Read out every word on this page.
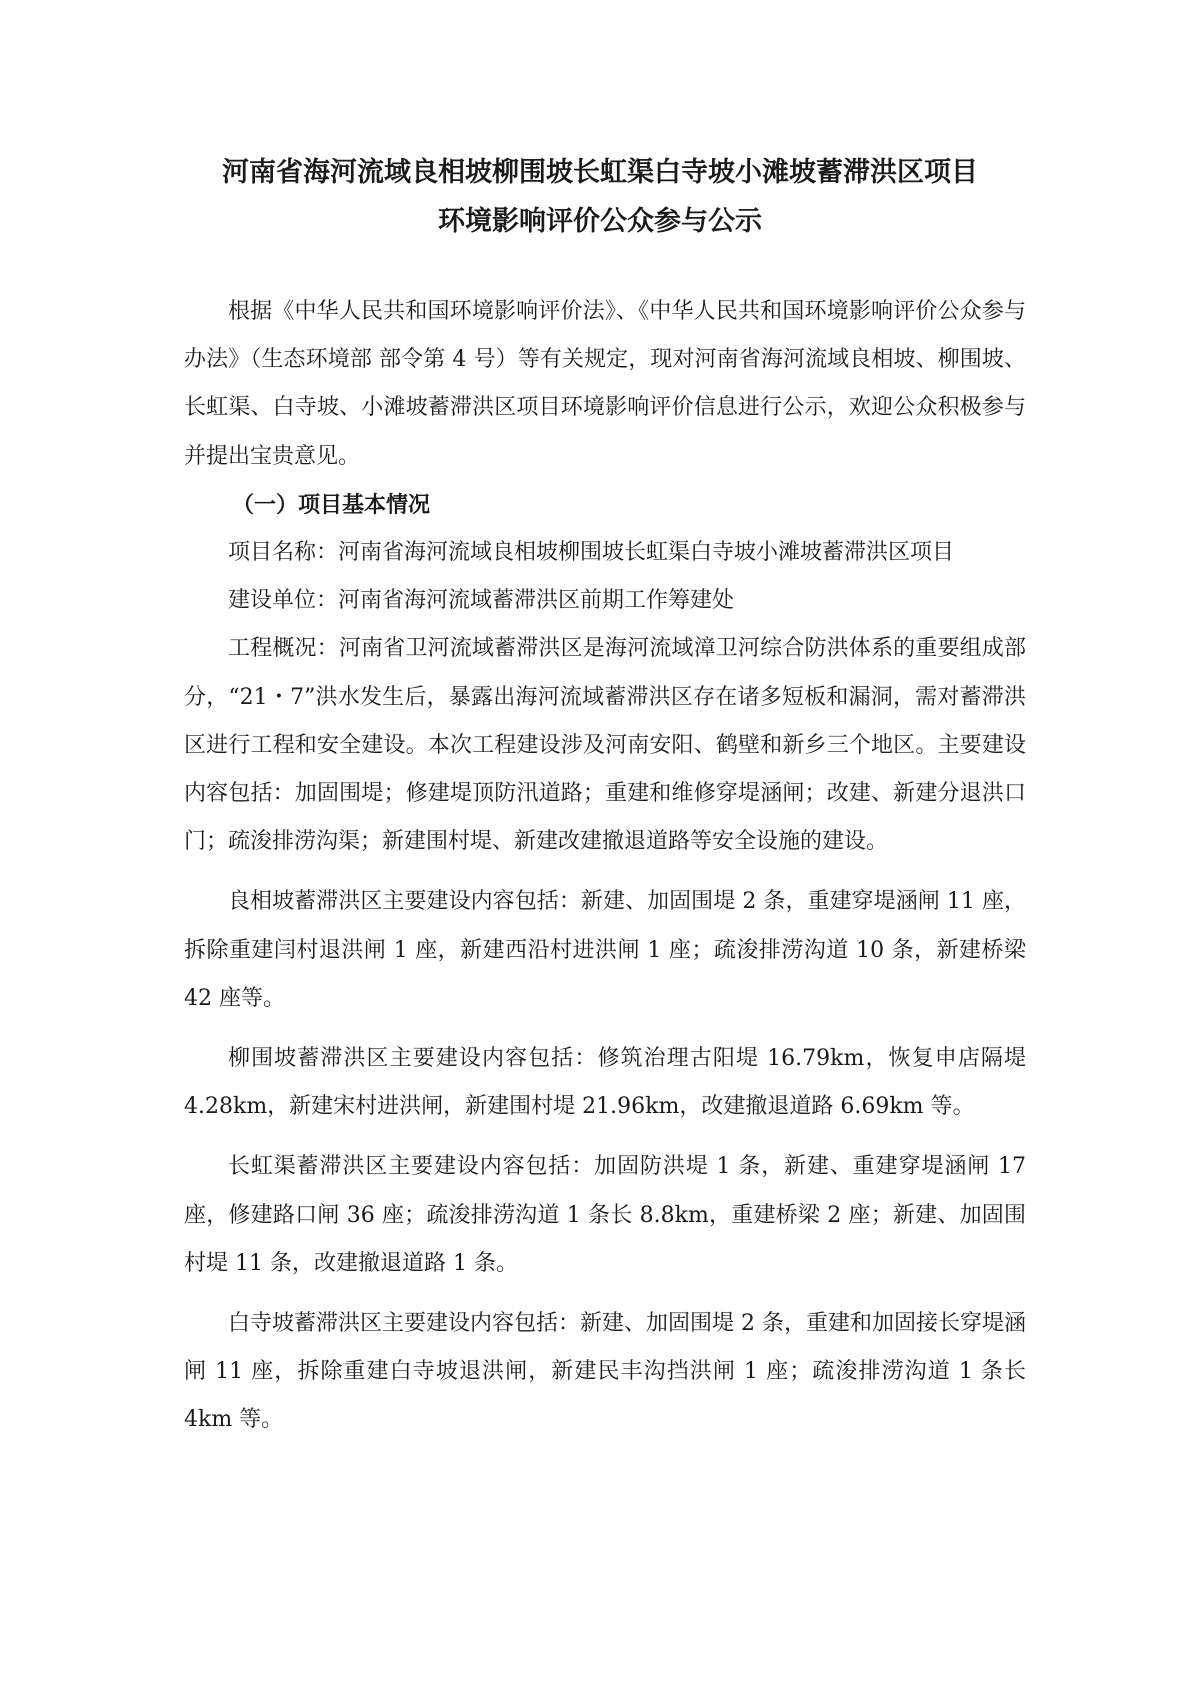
河南省海河流域良相坡柳围坡长虹渠白寺坡小滩坡蓄滞洪区项目
环境影响评价公众参与公示

根据《中华人民共和国环境影响评价法》、《中华人民共和国环境影响评价公众参与办法》（生态环境部 部令第 4 号）等有关规定，现对河南省海河流域良相坡、柳围坡、长虹渠、白寺坡、小滩坡蓄滞洪区项目环境影响评价信息进行公示，欢迎公众积极参与并提出宝贵意见。

（一）项目基本情况

项目名称：河南省海河流域良相坡柳围坡长虹渠白寺坡小滩坡蓄滞洪区项目

建设单位：河南省海河流域蓄滞洪区前期工作筹建处

工程概况：河南省卫河流域蓄滞洪区是海河流域漳卫河综合防洪体系的重要组成部分，“21・7”洪水发生后，暴露出海河流域蓄滞洪区存在诸多短板和漏洞，需对蓄滞洪区进行工程和安全建设。本次工程建设涉及河南安阳、鹤壁和新乡三个地区。主要建设内容包括：加固围堤；修建堤顶防汛道路；重建和维修穿堤涵闸；改建、新建分退洪口门；疏浚排涝沟渠；新建围村堤、新建改建撤退道路等安全设施的建设。

良相坡蓄滞洪区主要建设内容包括：新建、加固围堤 2 条，重建穿堤涵闸 11 座，拆除重建闫村退洪闸 1 座，新建西沿村进洪闸 1 座；疏浚排涝沟道 10 条，新建桥梁 42 座等。

柳围坡蓄滞洪区主要建设内容包括：修筑治理古阳堤 16.79km，恢复申店隔堤 4.28km，新建宋村进洪闸，新建围村堤 21.96km，改建撤退道路 6.69km 等。

长虹渠蓄滞洪区主要建设内容包括：加固防洪堤 1 条，新建、重建穿堤涵闸 17 座，修建路口闸 36 座；疏浚排涝沟道 1 条长 8.8km，重建桥梁 2 座；新建、加固围村堤 11 条，改建撤退道路 1 条。

白寺坡蓄滞洪区主要建设内容包括：新建、加固围堤 2 条，重建和加固接长穿堤涵闸 11 座，拆除重建白寺坡退洪闸，新建民丰沟挡洪闸 1 座；疏浚排涝沟道 1 条长 4km 等。
